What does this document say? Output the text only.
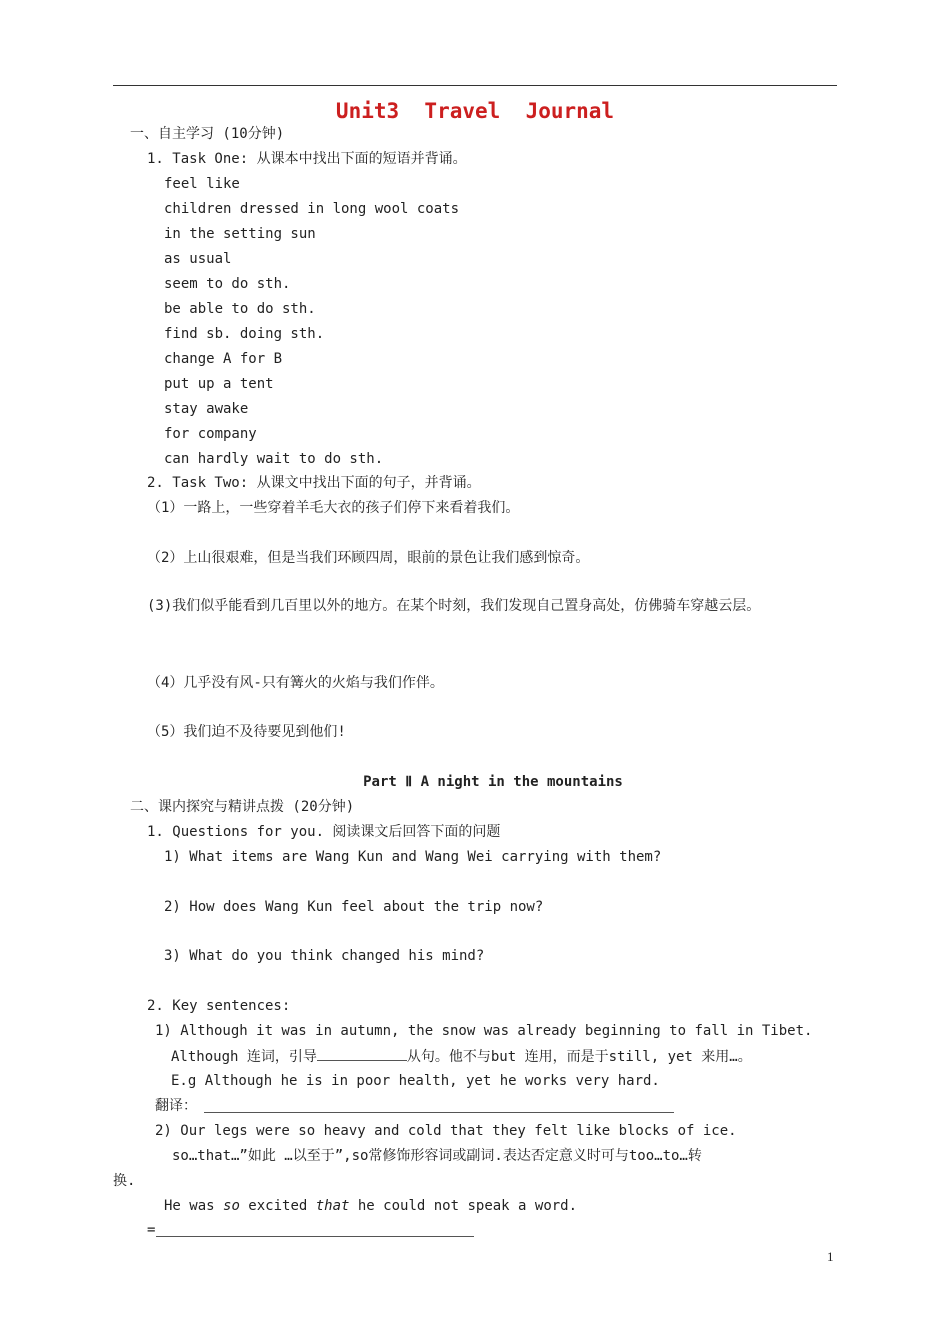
Unit3  Travel  Journal
一、自主学习 (10分钟)
1. Task One: 从课本中找出下面的短语并背诵。
feel like
children dressed in long wool coats
in the setting sun
as usual
seem to do sth.
be able to do sth.
find sb. doing sth.
change A for B
put up a tent
stay awake
for company
can hardly wait to do sth.
2. Task Two: 从课文中找出下面的句子，并背诵。
（1）一路上，一些穿着羊毛大衣的孩子们停下来看着我们。
（2）上山很艰难，但是当我们环顾四周，眼前的景色让我们感到惊奇。
(3)我们似乎能看到几百里以外的地方。在某个时刻，我们发现自己置身高处，仿佛骑车穿越云层。
（4）几乎没有风-只有篝火的火焰与我们作伴。
（5）我们迫不及待要见到他们!
Part Ⅱ A night in the mountains
二、课内探究与精讲点拨 (20分钟)
1. Questions for you. 阅读课文后回答下面的问题
1) What items are Wang Kun and Wang Wei carrying with them?
2) How does Wang Kun feel about the trip now?
3) What do you think changed his mind?
2. Key sentences:
1) Although it was in autumn, the snow was already beginning to fall in Tibet.
Although 连词，引导	从句。他不与but 连用，而是于still, yet 来用…。
E.g Although he is in poor health, yet he works very hard.
翻译：
2) Our legs were so heavy and cold that they felt like blocks of ice.
so…that…”如此 …以至于”,so常修饰形容词或副词.表达否定意义时可与too…to…转
换.
He was so excited that he could not speak a word.
=
1
